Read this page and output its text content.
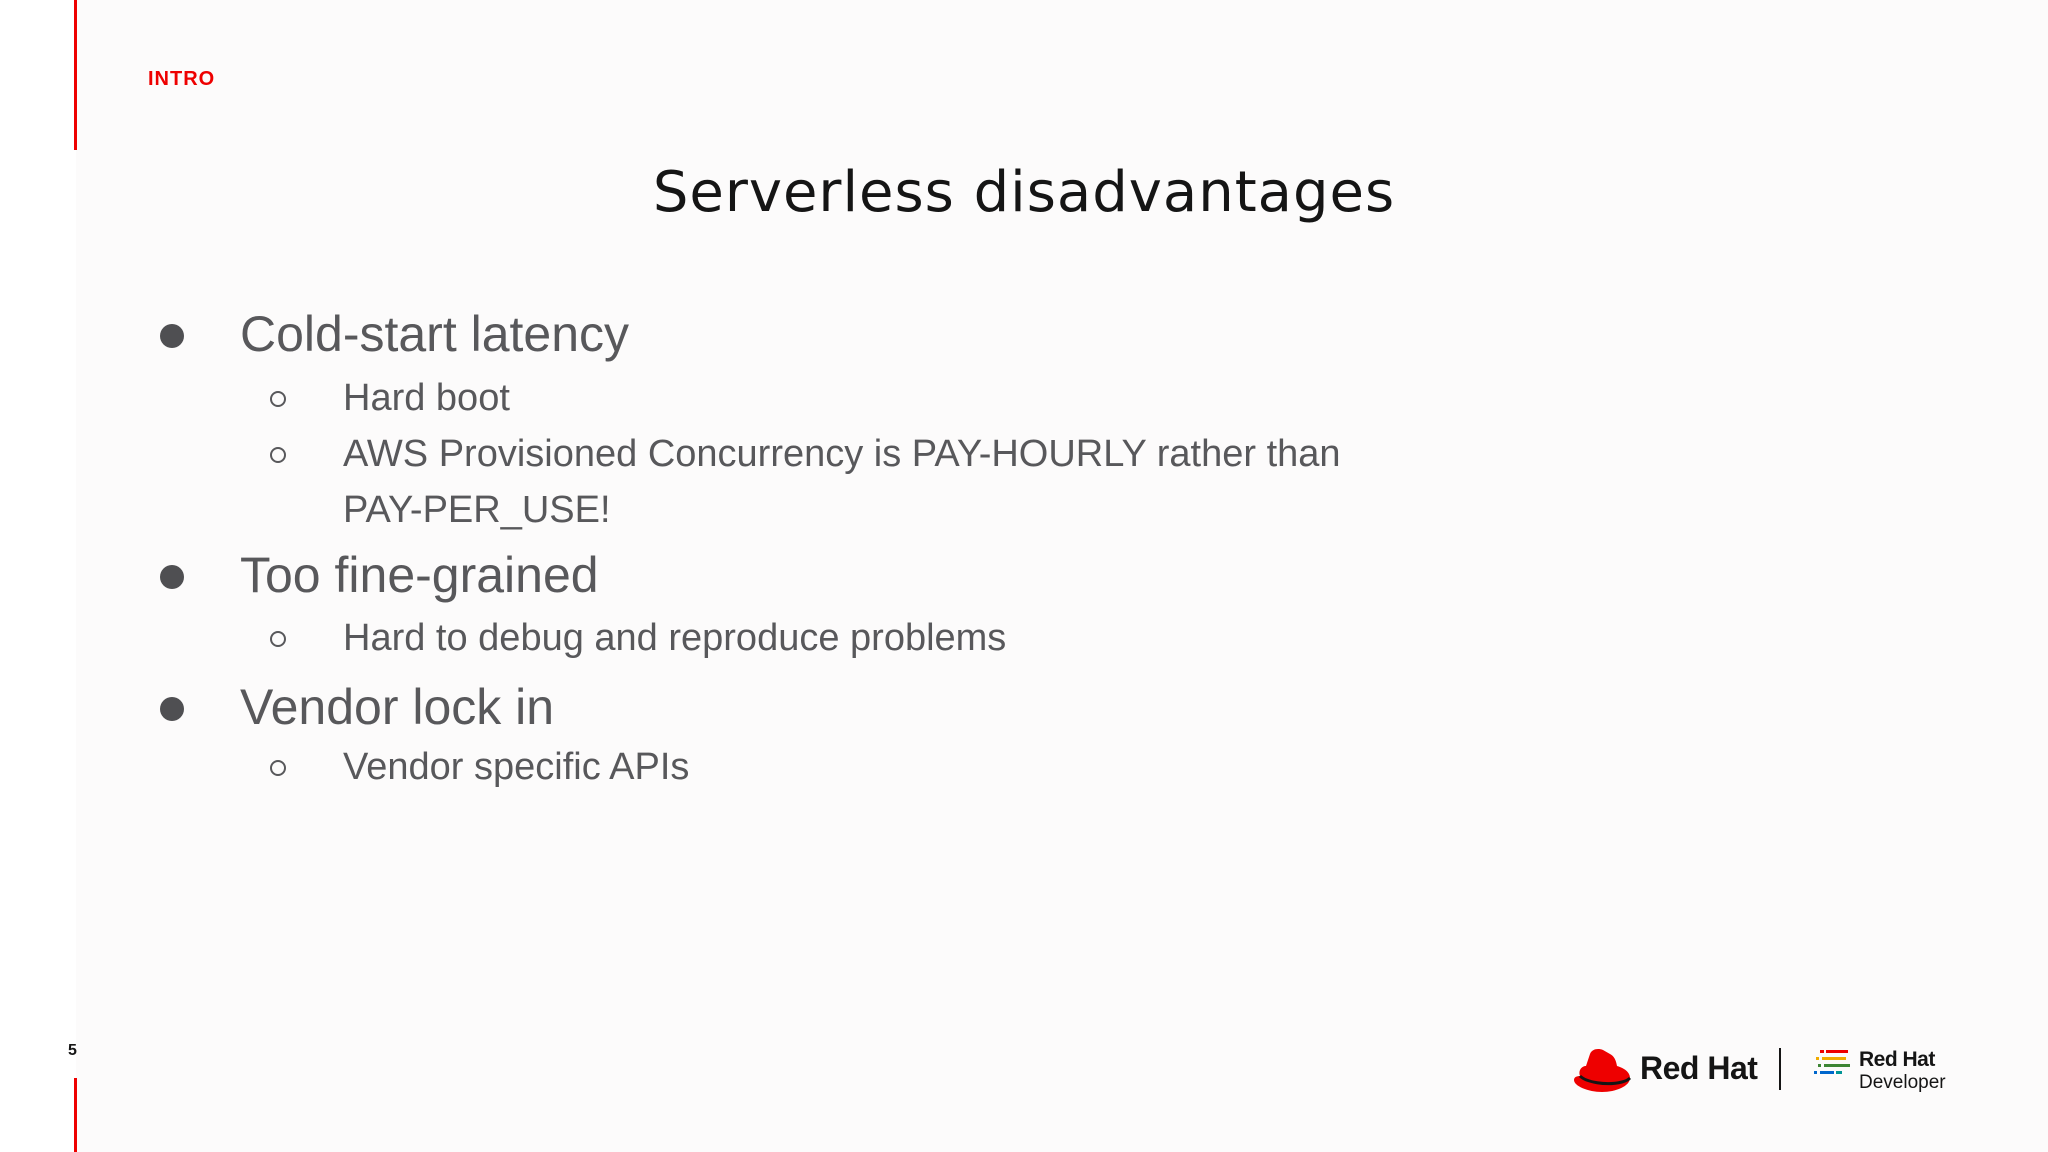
INTRO
Serverless disadvantages
Cold-start latency
Hard boot
AWS Provisioned Concurrency is PAY-HOURLY rather than
PAY-PER_USE!
Too fine-grained
Hard to debug and reproduce problems
Vendor lock in
Vendor specific APIs
5	Red Hat	Red Hat
Developer
